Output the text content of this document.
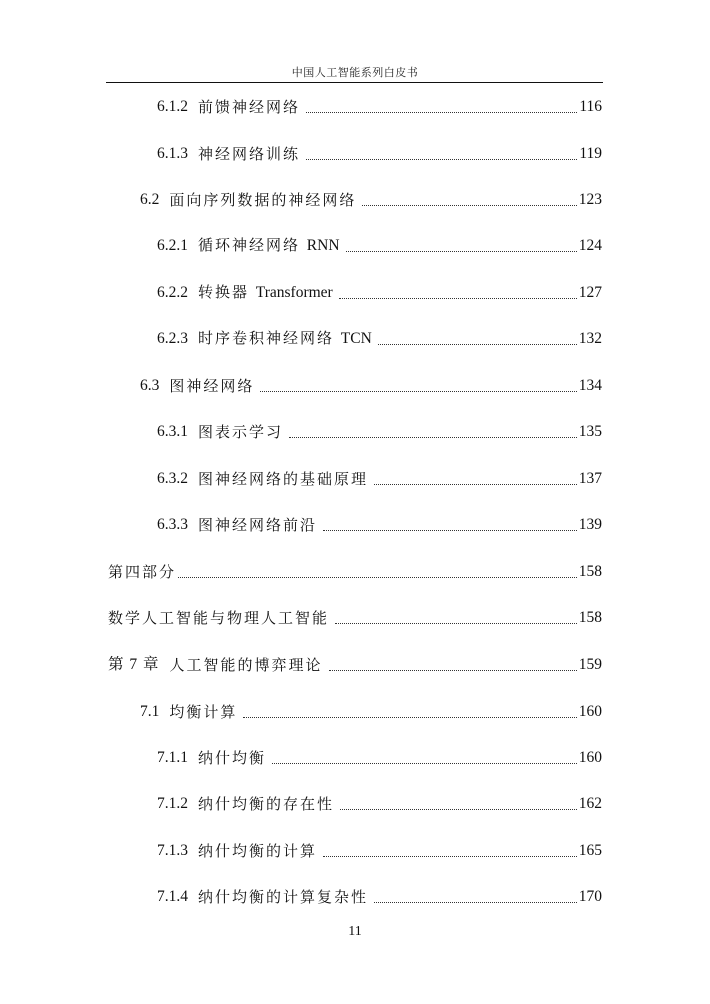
中国人工智能系列白皮书
6.1.2 前馈神经网络	116
6.1.3 神经网络训练	119
6.2 面向序列数据的神经网络	123
6.2.1 循环神经网络 RNN	124
6.2.2 转换器 Transformer	127
6.2.3 时序卷积神经网络 TCN	132
6.3 图神经网络	134
6.3.1 图表示学习	135
6.3.2 图神经网络的基础原理	137
6.3.3 图神经网络前沿	139
第四部分	158
数学人工智能与物理人工智能	158
第 7 章 人工智能的博弈理论	159
7.1 均衡计算	160
7.1.1 纳什均衡	160
7.1.2 纳什均衡的存在性	162
7.1.3 纳什均衡的计算	165
7.1.4 纳什均衡的计算复杂性	170
11
